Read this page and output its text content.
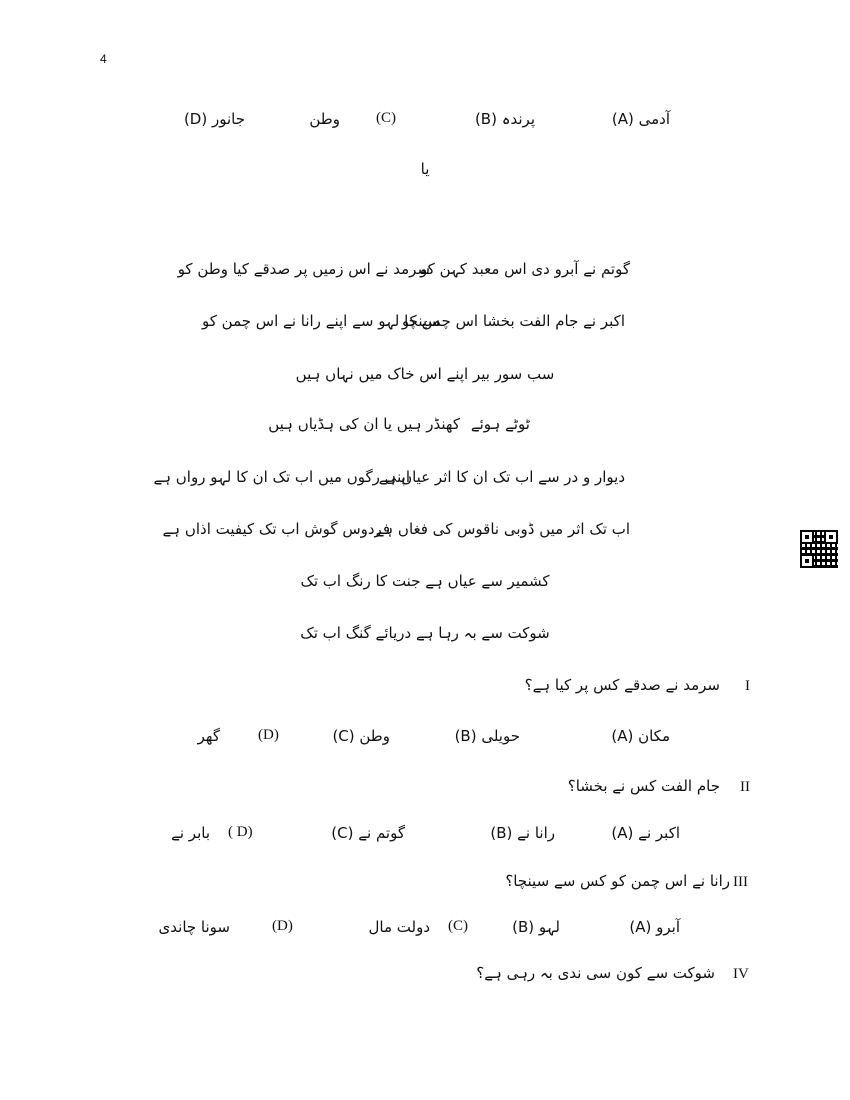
4
(A) آدمی
(B) پرندہ
(C)
وطن
(D) جانور
یا
گوتم نے آبرو دی اس معبد کہن کو
سرمد نے اس زمیں پر صدقے کیا وطن کو
اکبر نے جام الفت بخشا اس چمن کو
سینچا لہو سے اپنے رانا نے اس چمن کو
سب سور بیر اپنے اس خاک میں نہاں ہیں
ٹوٹے ہوئے
کھنڈر ہیں یا ان کی ہڈیاں ہیں
دیوار و در سے اب تک ان کا اثر عیاں ہے
اپنی رگوں میں اب تک ان کا لہو رواں ہے
اب تک اثر میں ڈوبی ناقوس کی فغاں ہے
فردوس گوش اب تک کیفیت اذاں ہے
کشمیر سے عیاں ہے جنت کا رنگ اب تک
شوکت سے بہ رہا ہے دریائے گنگ اب تک
I
سرمد نے صدقے کس پر کیا ہے؟
(A) مکان
(B) حویلی
(C) وطن
(D)
گھر
II
جام الفت کس نے بخشا؟
(A) اکبر نے
(B) رانا نے
(C) گوتم نے
( D)
بابر نے
III
رانا نے اس چمن کو کس سے سینچا؟
(A) آبرو
(B) لہو
(C)
دولت مال
(D)
سونا چاندی
IV
شوکت سے کون سی ندی بہ رہی ہے؟
